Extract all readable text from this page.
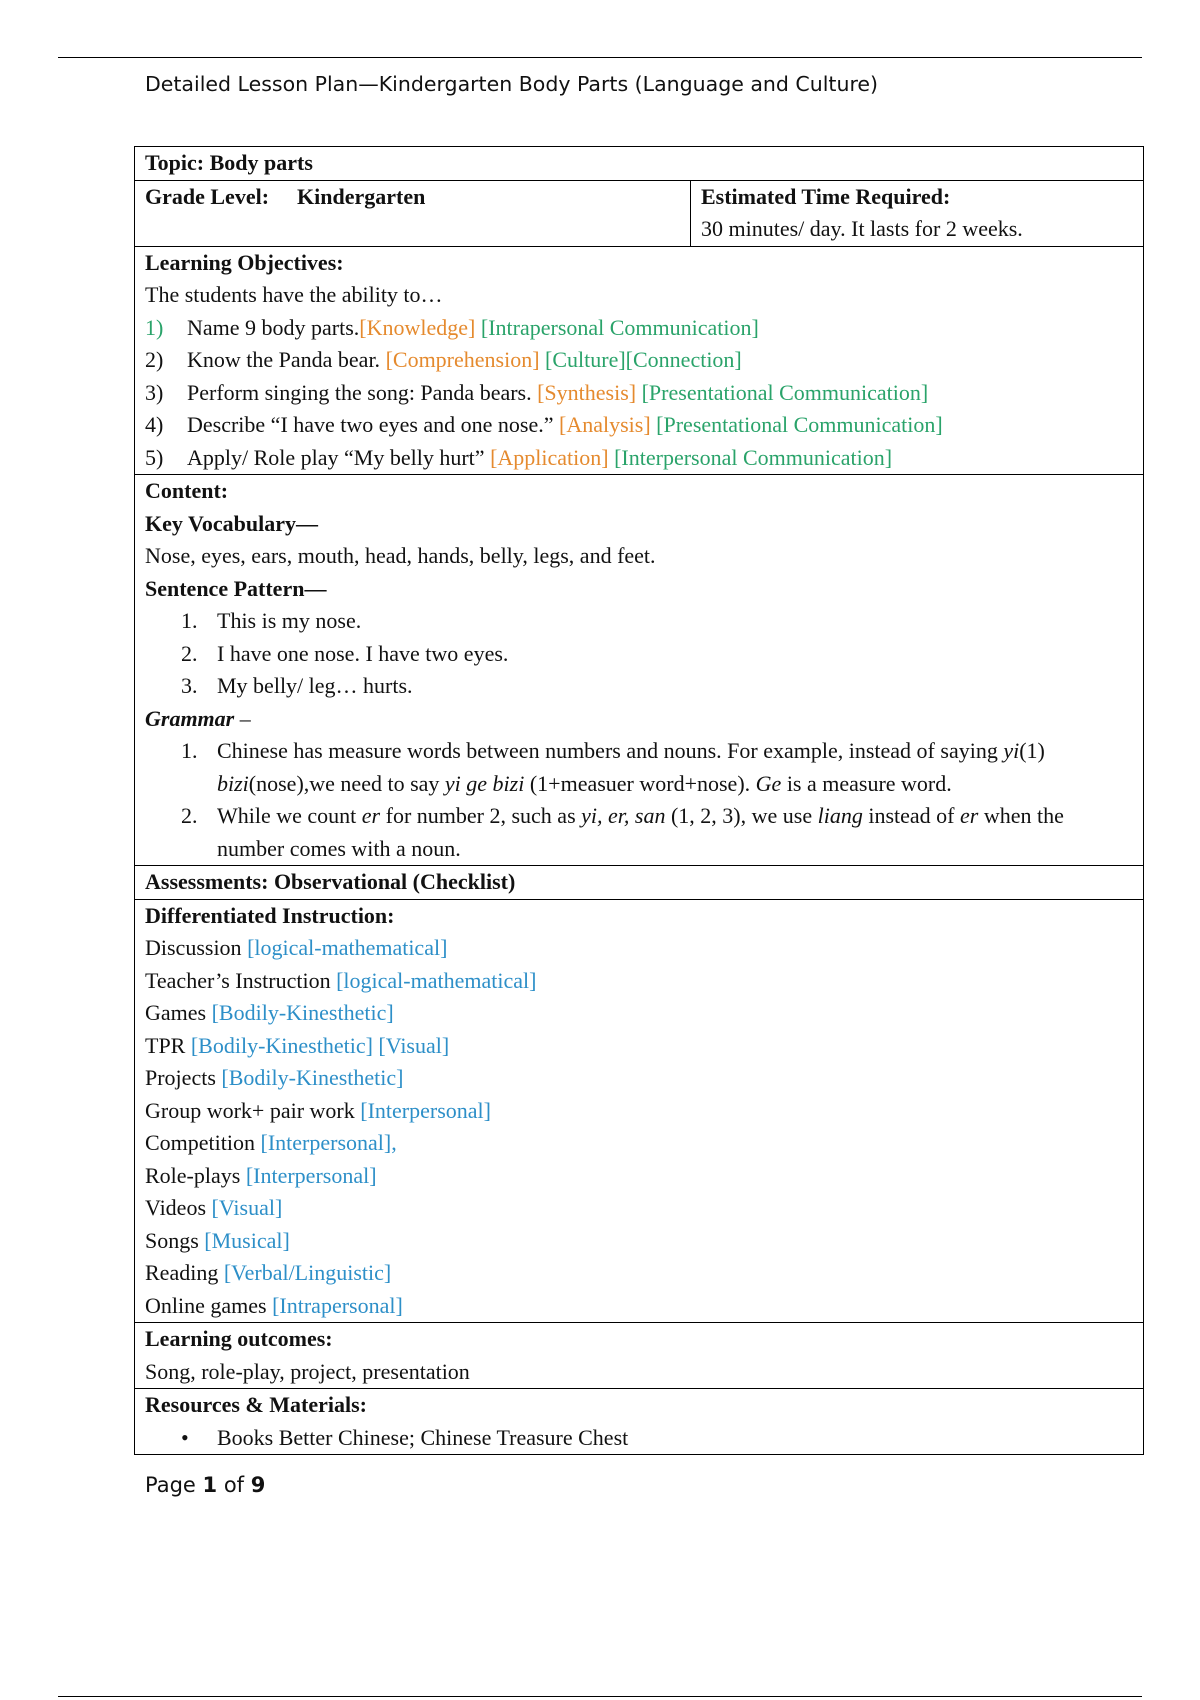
Detailed Lesson Plan—Kindergarten Body Parts (Language and Culture)
Topic: Body parts
Grade Level: Kindergarten	Estimated Time Required:
30 minutes/ day. It lasts for 2 weeks.

Learning Objectives:
The students have the ability to…
1)	Name 9 body parts.[Knowledge] [Intrapersonal Communication]
2)	Know the Panda bear. [Comprehension] [Culture][Connection]
3)	Perform singing the song: Panda bears. [Synthesis] [Presentational Communication]
4)	Describe “I have two eyes and one nose.” [Analysis] [Presentational Communication]
5)	Apply/ Role play “My belly hurt” [Application] [Interpersonal Communication]

Content:
Key Vocabulary—
Nose, eyes, ears, mouth, head, hands, belly, legs, and feet.
Sentence Pattern—
1. This is my nose.
2. I have one nose. I have two eyes.
3. My belly/ leg… hurts.
Grammar –
1. Chinese has measure words between numbers and nouns. For example, instead of saying yi(1) bizi(nose),we need to say yi ge bizi (1+measuer word+nose). Ge is a measure word.
2. While we count er for number 2, such as yi, er, san (1, 2, 3), we use liang instead of er when the number comes with a noun.

Assessments: Observational (Checklist)

Differentiated Instruction:
Discussion [logical-mathematical]
Teacher’s Instruction [logical-mathematical]
Games [Bodily-Kinesthetic]
TPR [Bodily-Kinesthetic] [Visual]
Projects [Bodily-Kinesthetic]
Group work+ pair work [Interpersonal]
Competition [Interpersonal],
Role-plays [Interpersonal]
Videos [Visual]
Songs [Musical]
Reading [Verbal/Linguistic]
Online games [Intrapersonal]

Learning outcomes:
Song, role-play, project, presentation

Resources & Materials:
•	Books Better Chinese; Chinese Treasure Chest
Page 1 of 9
